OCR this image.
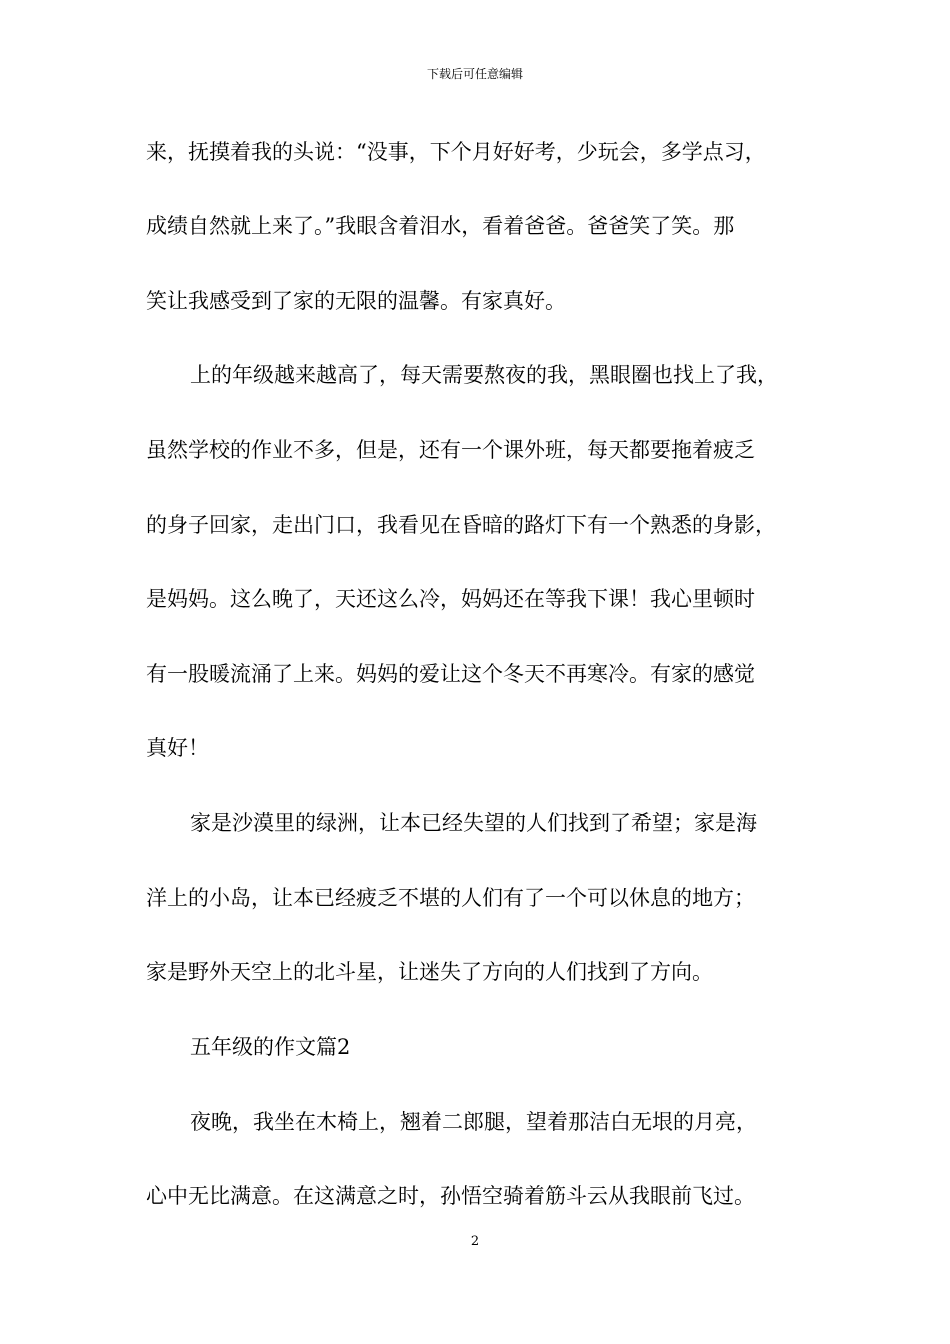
下载后可任意编辑
来，抚摸着我的头说：“没事，下个月好好考，少玩会，多学点习，
成绩自然就上来了。”我眼含着泪水，看着爸爸。爸爸笑了笑。那
笑让我感受到了家的无限的温馨。有家真好。
上的年级越来越高了，每天需要熬夜的我，黑眼圈也找上了我，
虽然学校的作业不多，但是，还有一个课外班，每天都要拖着疲乏
的身子回家，走出门口，我看见在昏暗的路灯下有一个熟悉的身影，
是妈妈。这么晚了，天还这么冷，妈妈还在等我下课！我心里顿时
有一股暖流涌了上来。妈妈的爱让这个冬天不再寒冷。有家的感觉
真好！
家是沙漠里的绿洲，让本已经失望的人们找到了希望；家是海
洋上的小岛，让本已经疲乏不堪的人们有了一个可以休息的地方；
家是野外天空上的北斗星，让迷失了方向的人们找到了方向。
五年级的作文篇2
夜晚，我坐在木椅上，翘着二郎腿，望着那洁白无垠的月亮，
心中无比满意。在这满意之时，孙悟空骑着筋斗云从我眼前飞过。
2
